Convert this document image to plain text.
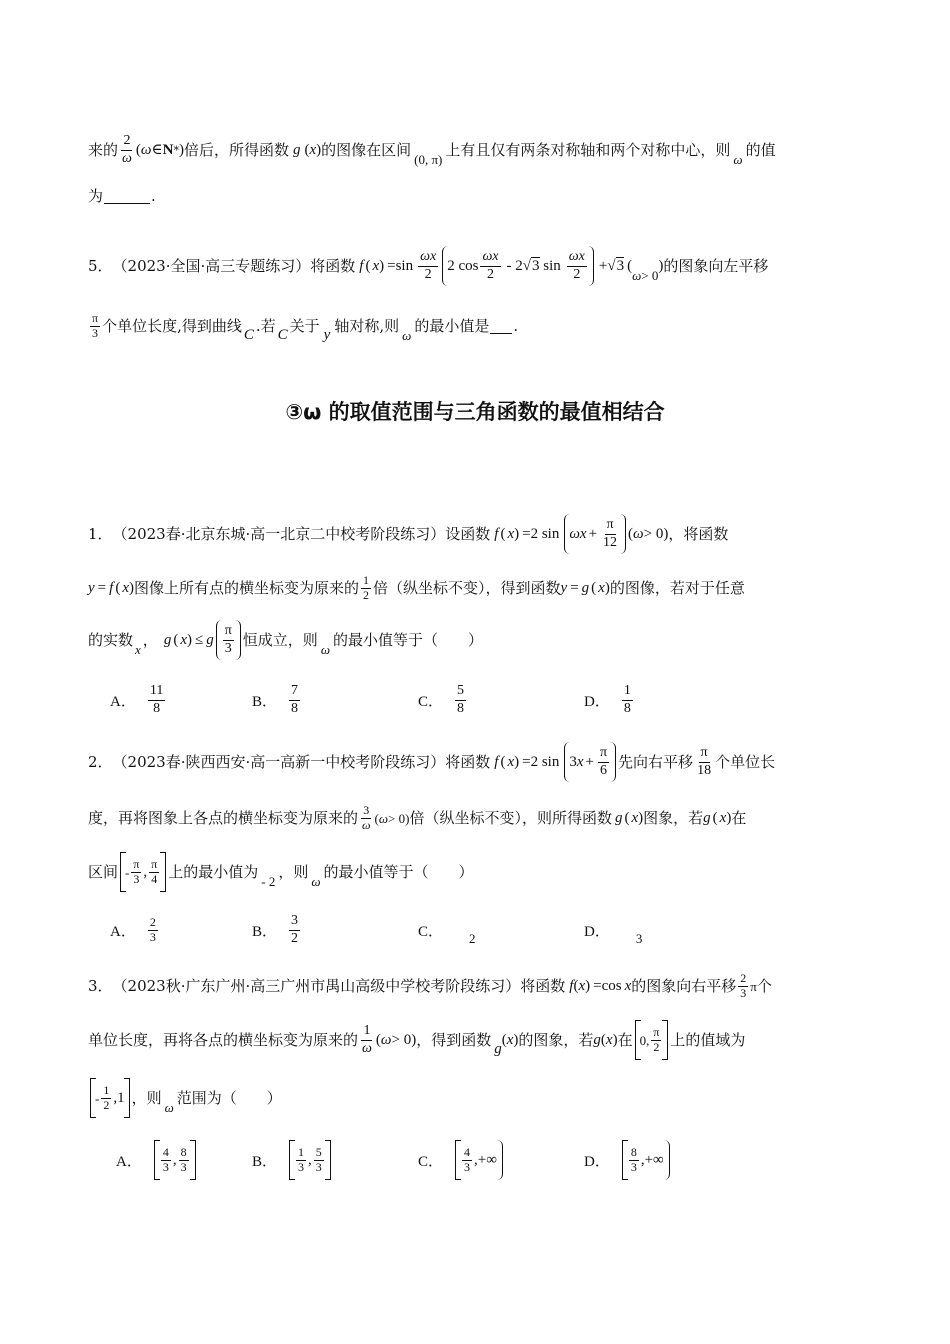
来的 $\frac{2}{\omega}$ ( ω ∈ N * ) 倍后，所得函数 g ( x ) 的图像在区间
(0, π)
上有且仅有两条对称轴和两个对称中心，则
ω
的值
为	.
5． （2023·全国·高三专题练习）将函数 f ( x ) $=\sin \frac{\omega x}{2} 2$ $\cos \frac{\omega x}{2} - 2√3$ $\sin \frac{\omega x}{2} +√3$ (
ω > 0
) 的图象向左平移
$\frac{\pi}{3}$ 个单位长度,得到曲线 C .若 C 关于 y 轴对称,则
ω
的最小值是 .
③ω 的取值范围与三角函数的最值相结合
1． （2023春·北京东城·高一北京二中校考阶段练习）设函数 f ( x ) =2 $\sin \omega x + \frac{\pi}{12}$ ( ω > 0) ，将函数
y = f ( x ) 图像上所有点的横坐标变为原来的 $\frac{1}{2}$ 倍（纵坐标不变），得到函数 y = g ( x ) 的图像，若对于任意
的实数
x
， g ( x ) ≤ g $\frac{\pi}{3}$ 恒成立，则
ω
的最小值等于（　　）
A． $\frac{11}{8}$	B． $\frac{7}{8}$	C． $\frac{5}{8}$	D． $\frac{1}{8}$
2． （2023春·陕西西安·高一高新一中校考阶段练习）将函数 f ( x ) =2 sin 3 $x + \frac{\pi}{6}$ 先向右平移 $\frac{\pi}{18}$ 个单位长
度，再将图象上各点的横坐标变为原来的 $\frac{3}{\omega}$ ( ω > 0) 倍（纵坐标不变），则所得函数 g ( x ) 图象，若 g ( x ) 在
区间 - $\frac{\pi}{3}$ , $\frac{\pi}{4}$ 上的最小值为
- 2
，则
ω
的最小值等于（　　）
A． $\frac{2}{3}$	B． $\frac{3}{2}$	C． 2	D． 3
3． （2023秋·广东广州·高三广州市禺山高级中学校考阶段练习）将函数 f ( x ) =cos x 的图象向右平移 $\frac{2}{3}$ π 个
单位长度，再将各点的横坐标变为原来的 $\frac{1}{\omega}$ ( ω > 0) ，得到函数 g
( x ) 的图象，若 g ( x ) 在 0, $\frac{\pi}{2}$ 上的值域为
- $\frac{1}{2} ,1$ ，则
ω
范围为（　　）
A． $\frac{4}{3}$ , $\frac{8}{3}$	B． $\frac{1}{3}$ , $\frac{5}{3}$	C． $\frac{4}{3}$ ,+∞	D． $\frac{8}{3}$ ,+∞
